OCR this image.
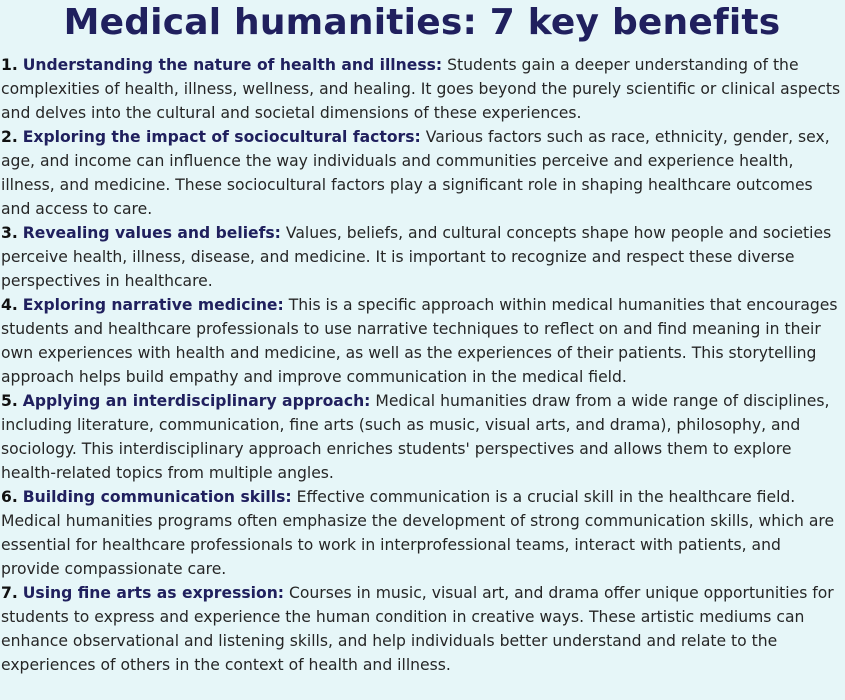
Medical humanities: 7 key benefits

1. Understanding the nature of health and illness: Students gain a deeper understanding of the complexities of health, illness, wellness, and healing. It goes beyond the purely scientific or clinical aspects and delves into the cultural and societal dimensions of these experiences.

2. Exploring the impact of sociocultural factors: Various factors such as race, ethnicity, gender, sex, age, and income can influence the way individuals and communities perceive and experience health, illness, and medicine. These sociocultural factors play a significant role in shaping healthcare outcomes and access to care.

3. Revealing values and beliefs: Values, beliefs, and cultural concepts shape how people and societies perceive health, illness, disease, and medicine. It is important to recognize and respect these diverse perspectives in healthcare.

4. Exploring narrative medicine: This is a specific approach within medical humanities that encourages students and healthcare professionals to use narrative techniques to reflect on and find meaning in their own experiences with health and medicine, as well as the experiences of their patients. This storytelling approach helps build empathy and improve communication in the medical field.

5. Applying an interdisciplinary approach: Medical humanities draw from a wide range of disciplines, including literature, communication, fine arts (such as music, visual arts, and drama), philosophy, and sociology. This interdisciplinary approach enriches students' perspectives and allows them to explore health-related topics from multiple angles.

6. Building communication skills: Effective communication is a crucial skill in the healthcare field. Medical humanities programs often emphasize the development of strong communication skills, which are essential for healthcare professionals to work in interprofessional teams, interact with patients, and provide compassionate care.

7. Using fine arts as expression: Courses in music, visual art, and drama offer unique opportunities for students to express and experience the human condition in creative ways. These artistic mediums can enhance observational and listening skills, and help individuals better understand and relate to the experiences of others in the context of health and illness.
